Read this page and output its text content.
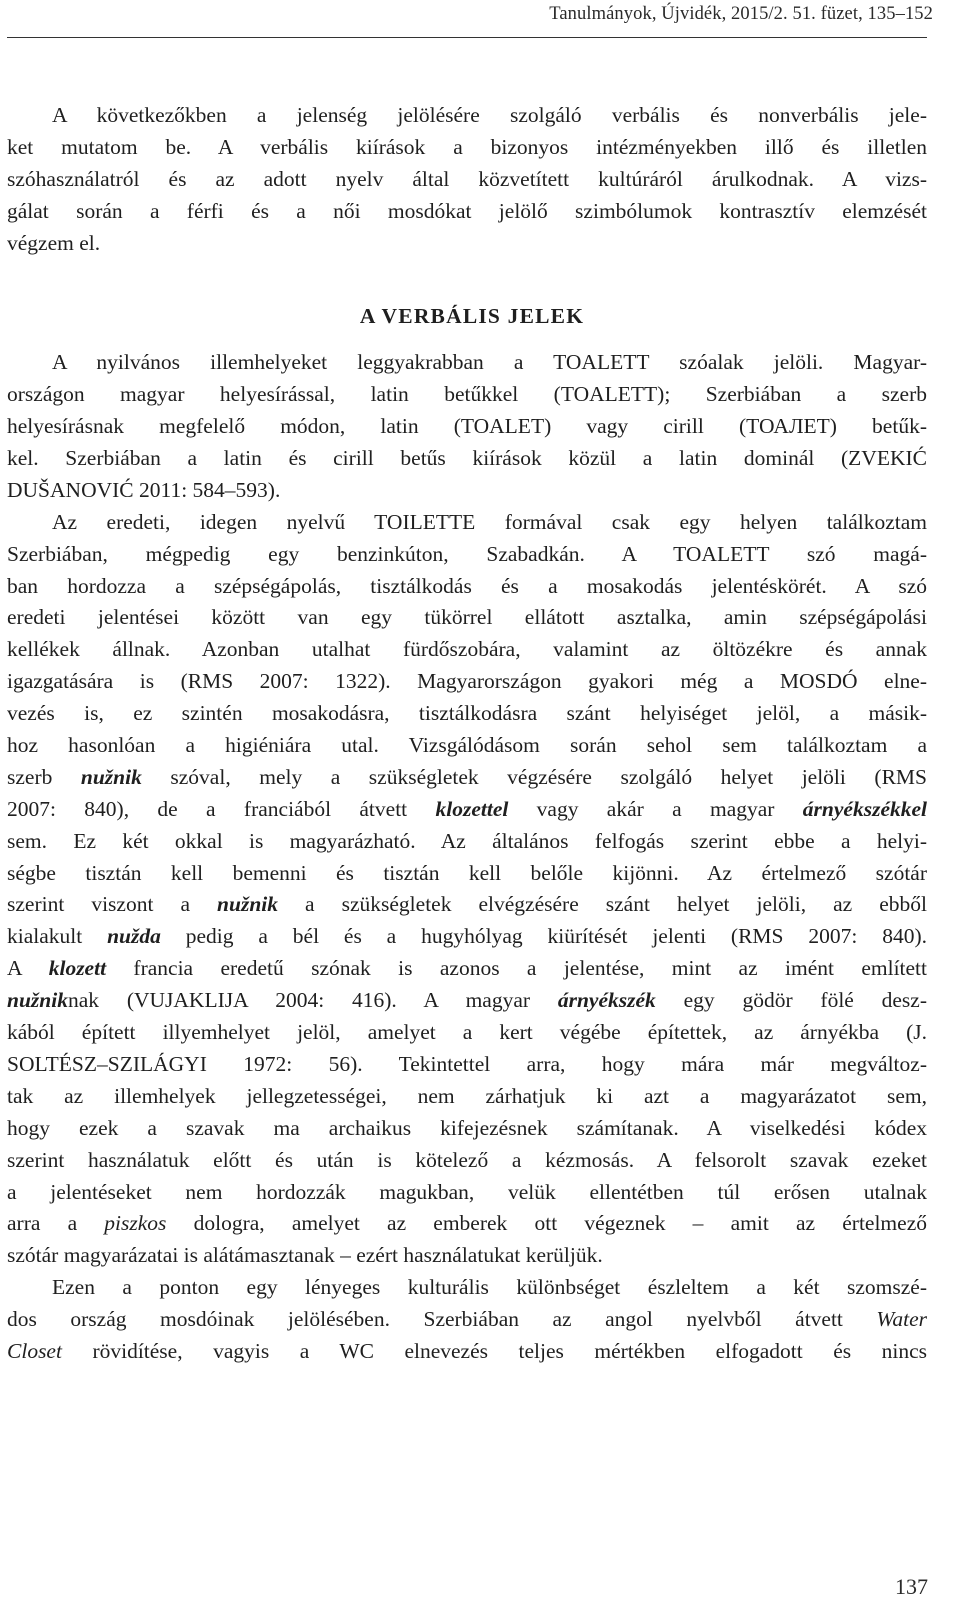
Tanulmányok, Újvidék, 2015/2. 51. füzet, 135–152
A következőkben a jelenség jelölésére szolgáló verbális és nonverbális jele-
ket mutatom be. A verbális kiírások a bizonyos intézményekben illő és illetlen
szóhasználatról és az adott nyelv által közvetített kultúráról árulkodnak. A vizs-
gálat során a férfi és a női mosdókat jelölő szimbólumok kontrasztív elemzését
végzem el.
A VERBÁLIS JELEK
A nyilvános illemhelyeket leggyakrabban a TOALETT szóalak jelöli. Magyar-
országon magyar helyesírással, latin betűkkel (TOALETT); Szerbiában a szerb
helyesírásnak megfelelő módon, latin (TOALET) vagy cirill (ТОАЛЕТ) betűk-
kel. Szerbiában a latin és cirill betűs kiírások közül a latin dominál (ZVEKIĆ
DUŠANOVIĆ 2011: 584–593).
Az eredeti, idegen nyelvű TOILETTE formával csak egy helyen találkoztam
Szerbiában, mégpedig egy benzinkúton, Szabadkán. A TOALETT szó magá-
ban hordozza a szépségápolás, tisztálkodás és a mosakodás jelentéskörét. A szó
eredeti jelentései között van egy tükörrel ellátott asztalka, amin szépségápolási
kellékek állnak. Azonban utalhat fürdőszobára, valamint az öltözékre és annak
igazgatására is (RMS 2007: 1322). Magyarországon gyakori még a MOSDÓ elne-
vezés is, ez szintén mosakodásra, tisztálkodásra szánt helyiséget jelöl, a másik-
hoz hasonlóan a higiéniára utal. Vizsgálódásom során sehol sem találkoztam a
szerb nužnik szóval, mely a szükségletek végzésére szolgáló helyet jelöli (RMS
2007: 840), de a franciából átvett klozettel vagy akár a magyar árnyékszékkel
sem. Ez két okkal is magyarázható. Az általános felfogás szerint ebbe a helyi-
ségbe tisztán kell bemenni és tisztán kell belőle kijönni. Az értelmező szótár
szerint viszont a nužnik a szükségletek elvégzésére szánt helyet jelöli, az ebből
kialakult nužda pedig a bél és a hugyhólyag kiürítését jelenti (RMS 2007: 840).
A klozett francia eredetű szónak is azonos a jelentése, mint az imént említett
nužniknak (VUJAKLIJA 2004: 416). A magyar árnyékszék egy gödör fölé desz-
kából épített illyemhelyet jelöl, amelyet a kert végébe építettek, az árnyékba (J.
SOLTÉSZ–SZILÁGYI 1972: 56). Tekintettel arra, hogy mára már megváltoz-
tak az illemhelyek jellegzetességei, nem zárhatjuk ki azt a magyarázatot sem,
hogy ezek a szavak ma archaikus kifejezésnek számítanak. A viselkedési kódex
szerint használatuk előtt és után is kötelező a kézmosás. A felsorolt szavak ezeket
a jelentéseket nem hordozzák magukban, velük ellentétben túl erősen utalnak
arra a piszkos dologra, amelyet az emberek ott végeznek – amit az értelmező
szótár magyarázatai is alátámasztanak – ezért használatukat kerüljük.
Ezen a ponton egy lényeges kulturális különbséget észleltem a két szomszé-
dos ország mosdóinak jelölésében. Szerbiában az angol nyelvből átvett Water
Closet rövidítése, vagyis a WC elnevezés teljes mértékben elfogadott és nincs
137
